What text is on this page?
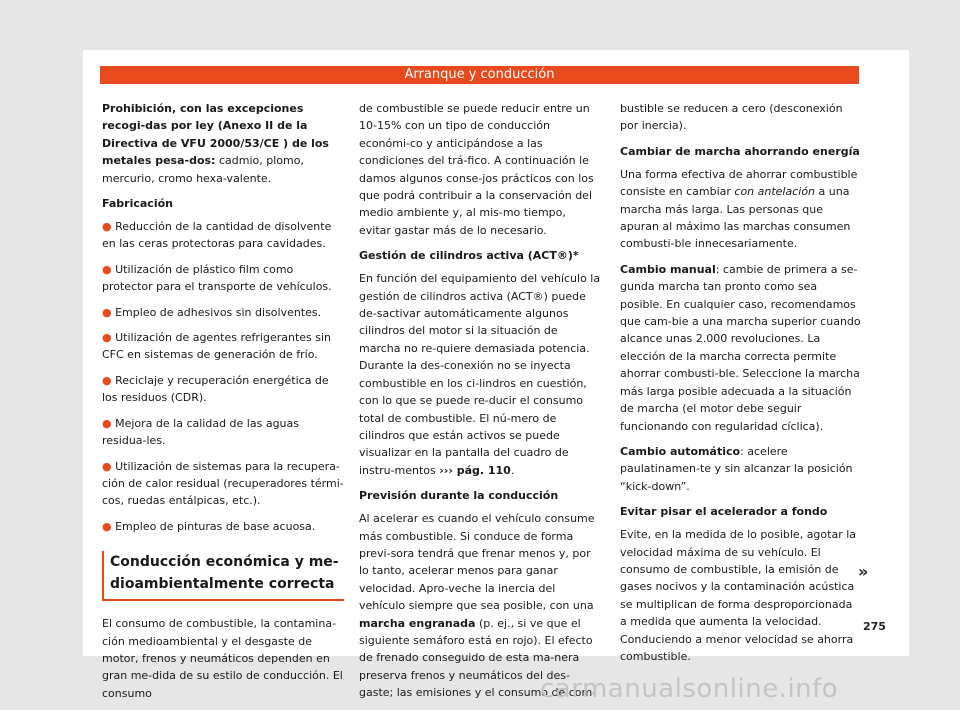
Arranque y conducción

Prohibición, con las excepciones recogi-das por ley (Anexo II de la Directiva de VFU 2000/53/CE ) de los metales pesa-dos: cadmio, plomo, mercurio, cromo hexa-valente.

Fabricación

● Reducción de la cantidad de disolvente en las ceras protectoras para cavidades.

● Utilización de plástico film como protector para el transporte de vehículos.

● Empleo de adhesivos sin disolventes.

● Utilización de agentes refrigerantes sin CFC en sistemas de generación de frío.

● Reciclaje y recuperación energética de los residuos (CDR).

● Mejora de la calidad de las aguas residua-les.

● Utilización de sistemas para la recupera-ción de calor residual (recuperadores térmi-cos, ruedas entálpicas, etc.).

● Empleo de pinturas de base acuosa.

Conducción económica y me-dioambientalmente correcta

El consumo de combustible, la contamina-ción medioambiental y el desgaste de motor, frenos y neumáticos dependen en gran me-dida de su estilo de conducción. El consumo

de combustible se puede reducir entre un 10-15% con un tipo de conducción económi-co y anticipándose a las condiciones del trá-fico. A continuación le damos algunos conse-jos prácticos con los que podrá contribuir a la conservación del medio ambiente y, al mis-mo tiempo, evitar gastar más de lo necesario.

Gestión de cilindros activa (ACT®)*

En función del equipamiento del vehículo la gestión de cilindros activa (ACT®) puede de-sactivar automáticamente algunos cilindros del motor si la situación de marcha no re-quiere demasiada potencia. Durante la des-conexión no se inyecta combustible en los ci-lindros en cuestión, con lo que se puede re-ducir el consumo total de combustible. El nú-mero de cilindros que están activos se puede visualizar en la pantalla del cuadro de instru-mentos ››› pág. 110.

Previsión durante la conducción

Al acelerar es cuando el vehículo consume más combustible. Si conduce de forma previ-sora tendrá que frenar menos y, por lo tanto, acelerar menos para ganar velocidad. Apro-veche la inercia del vehículo siempre que sea posible, con una marcha engranada (p. ej., si ve que el siguiente semáforo está en rojo). El efecto de frenado conseguido de esta ma-nera preserva frenos y neumáticos del des-gaste; las emisiones y el consumo de com-

bustible se reducen a cero (desconexión por inercia).

Cambiar de marcha ahorrando energía

Una forma efectiva de ahorrar combustible consiste en cambiar con antelación a una marcha más larga. Las personas que apuran al máximo las marchas consumen combusti-ble innecesariamente.

Cambio manual: cambie de primera a se-gunda marcha tan pronto como sea posible. En cualquier caso, recomendamos que cam-bie a una marcha superior cuando alcance unas 2.000 revoluciones. La elección de la marcha correcta permite ahorrar combusti-ble. Seleccione la marcha más larga posible adecuada a la situación de marcha (el motor debe seguir funcionando con regularidad cíclica).

Cambio automático: acelere paulatinamen-te y sin alcanzar la posición “kick-down”.

Evitar pisar el acelerador a fondo

Evite, en la medida de lo posible, agotar la velocidad máxima de su vehículo. El consumo de combustible, la emisión de gases nocivos y la contaminación acústica se multiplican de forma desproporcionada a medida que aumenta la velocidad. Conduciendo a menor velocidad se ahorra combustible.

»
275
carmanualsonline.info
